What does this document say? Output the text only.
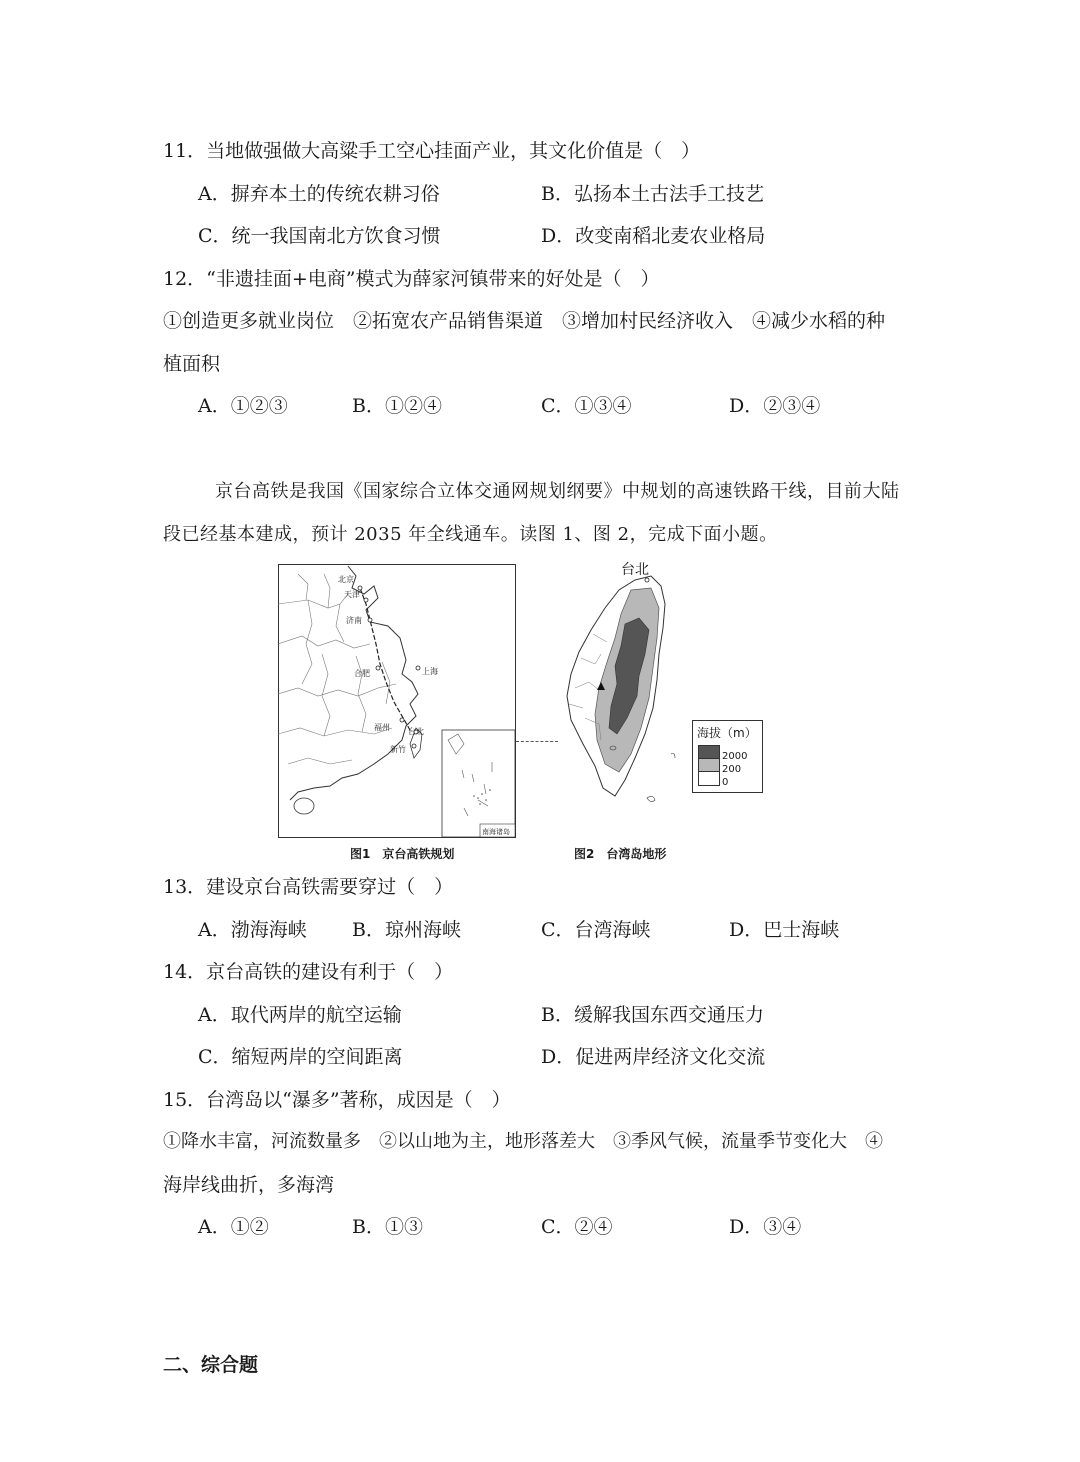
11．当地做强做大高粱手工空心挂面产业，其文化价值是（　）
A．摒弃本土的传统农耕习俗	B．弘扬本土古法手工技艺
C．统一我国南北方饮食习惯	D．改变南稻北麦农业格局
12．“非遗挂面+电商”模式为薛家河镇带来的好处是（　）
①创造更多就业岗位　②拓宽农产品销售渠道　③增加村民经济收入　④减少水稻的种
植面积
A．①②③	B．①②④	C．①③④	D．②③④
京台高铁是我国《国家综合立体交通网规划纲要》中规划的高速铁路干线，目前大陆
段已经基本建成，预计 2035 年全线通车。读图 1、图 2，完成下面小题。
北京
天津
济南
合肥	上海
福州 台北
新竹
南海诸岛
台北
海拔（m）
2000
200
0
图1　京台高铁规划	图2　台湾岛地形
13．建设京台高铁需要穿过（　）
A．渤海海峡 B．琼州海峡	C．台湾海峡	D．巴士海峡
14．京台高铁的建设有利于（　）
A．取代两岸的航空运输	B．缓解我国东西交通压力
C．缩短两岸的空间距离	D．促进两岸经济文化交流
15．台湾岛以“瀑多”著称，成因是（　）
①降水丰富，河流数量多　②以山地为主，地形落差大　③季风气候，流量季节变化大　④
海岸线曲折，多海湾
A．①②	B．①③	C．②④	D．③④
二、综合题
